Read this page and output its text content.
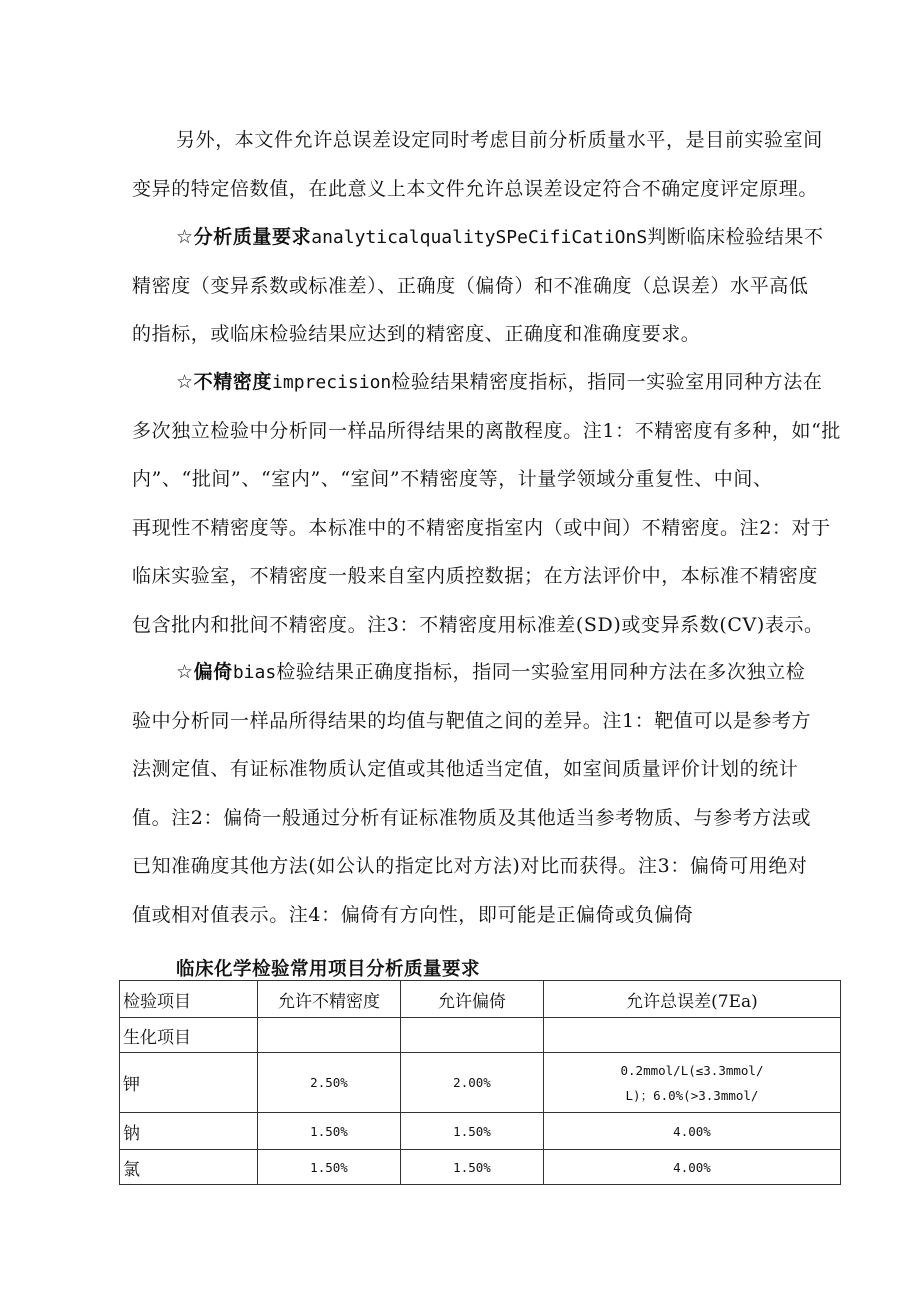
另外，本文件允许总误差设定同时考虑目前分析质量水平，是目前实验室间
变异的特定倍数值，在此意义上本文件允许总误差设定符合不确定度评定原理。
☆分析质量要求analyticalqualitySPeCifiCatiOnS判断临床检验结果不
精密度（变异系数或标准差）、正确度（偏倚）和不准确度（总误差）水平高低
的指标，或临床检验结果应达到的精密度、正确度和准确度要求。
☆不精密度imprecision检验结果精密度指标，指同一实验室用同种方法在
多次独立检验中分析同一样品所得结果的离散程度。注1：不精密度有多种，如“批
内”、“批间”、“室内”、“室间”不精密度等，计量学领域分重复性、中间、
再现性不精密度等。本标准中的不精密度指室内（或中间）不精密度。注2：对于
临床实验室，不精密度一般来自室内质控数据；在方法评价中，本标准不精密度
包含批内和批间不精密度。注3：不精密度用标准差(SD)或变异系数(CV)表示。
☆偏倚bias检验结果正确度指标，指同一实验室用同种方法在多次独立检
验中分析同一样品所得结果的均值与靶值之间的差异。注1：靶值可以是参考方
法测定值、有证标准物质认定值或其他适当定值，如室间质量评价计划的统计
值。注2：偏倚一般通过分析有证标准物质及其他适当参考物质、与参考方法或
已知准确度其他方法(如公认的指定比对方法)对比而获得。注3：偏倚可用绝对
值或相对值表示。注4：偏倚有方向性，即可能是正偏倚或负偏倚
临床化学检验常用项目分析质量要求
检验项目	允许不精密度	允许偏倚	允许总误差(7Ea)
生化项目			
钾	2.50%	2.00%	0.2mmol/L(≤3.3mmol/
L)；6.0%(>3.3mmol/

钠	1.50%	1.50%	4.00%
氯	1.50%	1.50%	4.00%
